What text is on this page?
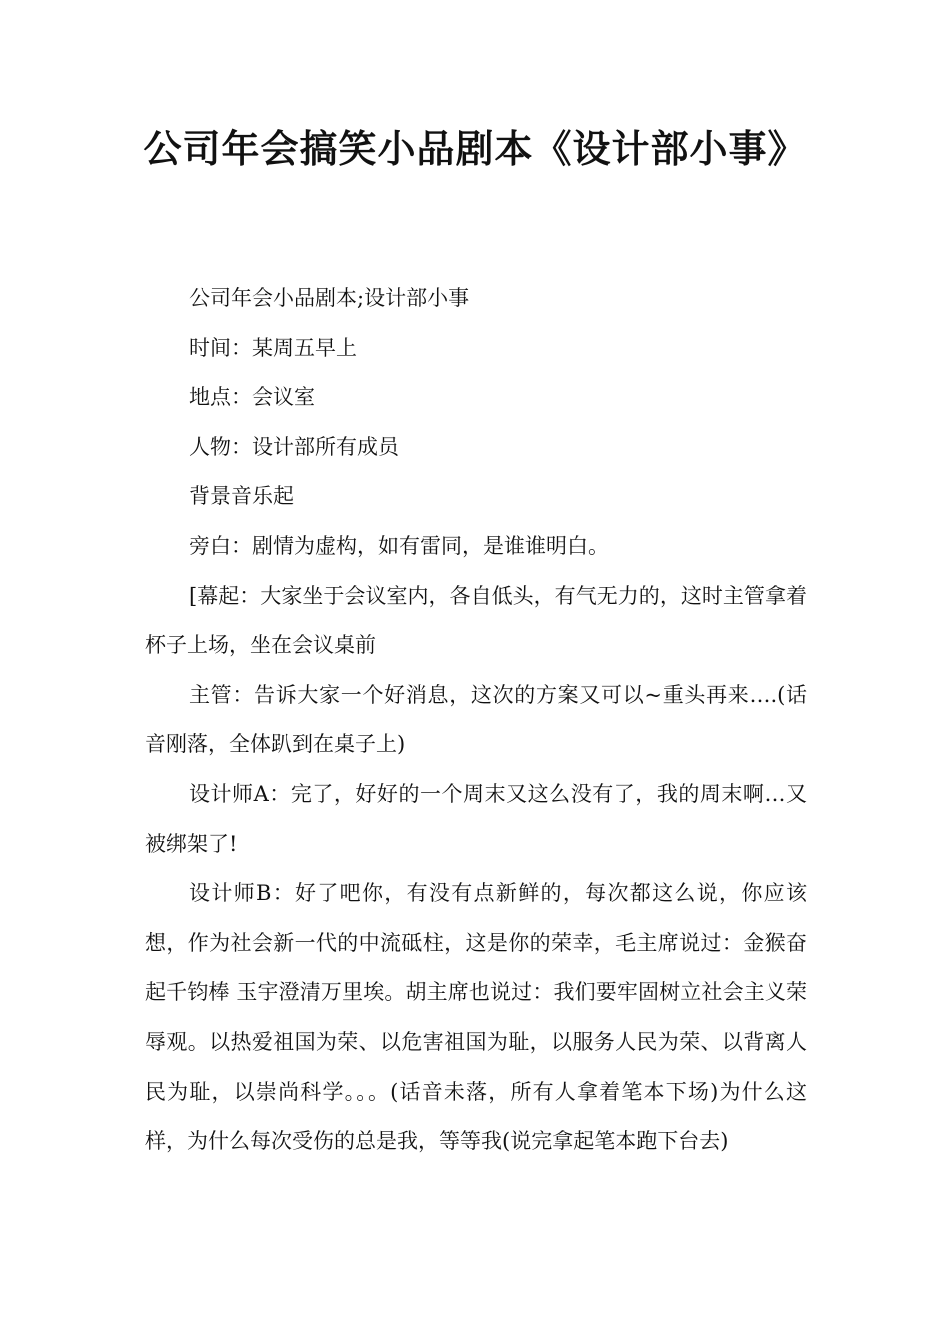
公司年会搞笑小品剧本《设计部小事》

公司年会小品剧本;设计部小事

时间：某周五早上

地点：会议室

人物：设计部所有成员

背景音乐起

旁白：剧情为虚构，如有雷同，是谁谁明白。

[幕起：大家坐于会议室内，各自低头，有气无力的，这时主管拿着杯子上场，坐在会议桌前

主管：告诉大家一个好消息，这次的方案又可以~重头再来….(话音刚落，全体趴到在桌子上)

设计师A：完了，好好的一个周末又这么没有了，我的周末啊…又被绑架了!

设计师B：好了吧你，有没有点新鲜的，每次都这么说，你应该想，作为社会新一代的中流砥柱，这是你的荣幸，毛主席说过：金猴奋起千钧棒 玉宇澄清万里埃。胡主席也说过：我们要牢固树立社会主义荣辱观。以热爱祖国为荣、以危害祖国为耻，以服务人民为荣、以背离人民为耻，以崇尚科学。。。(话音未落，所有人拿着笔本下场)为什么这样，为什么每次受伤的总是我，等等我(说完拿起笔本跑下台去)
